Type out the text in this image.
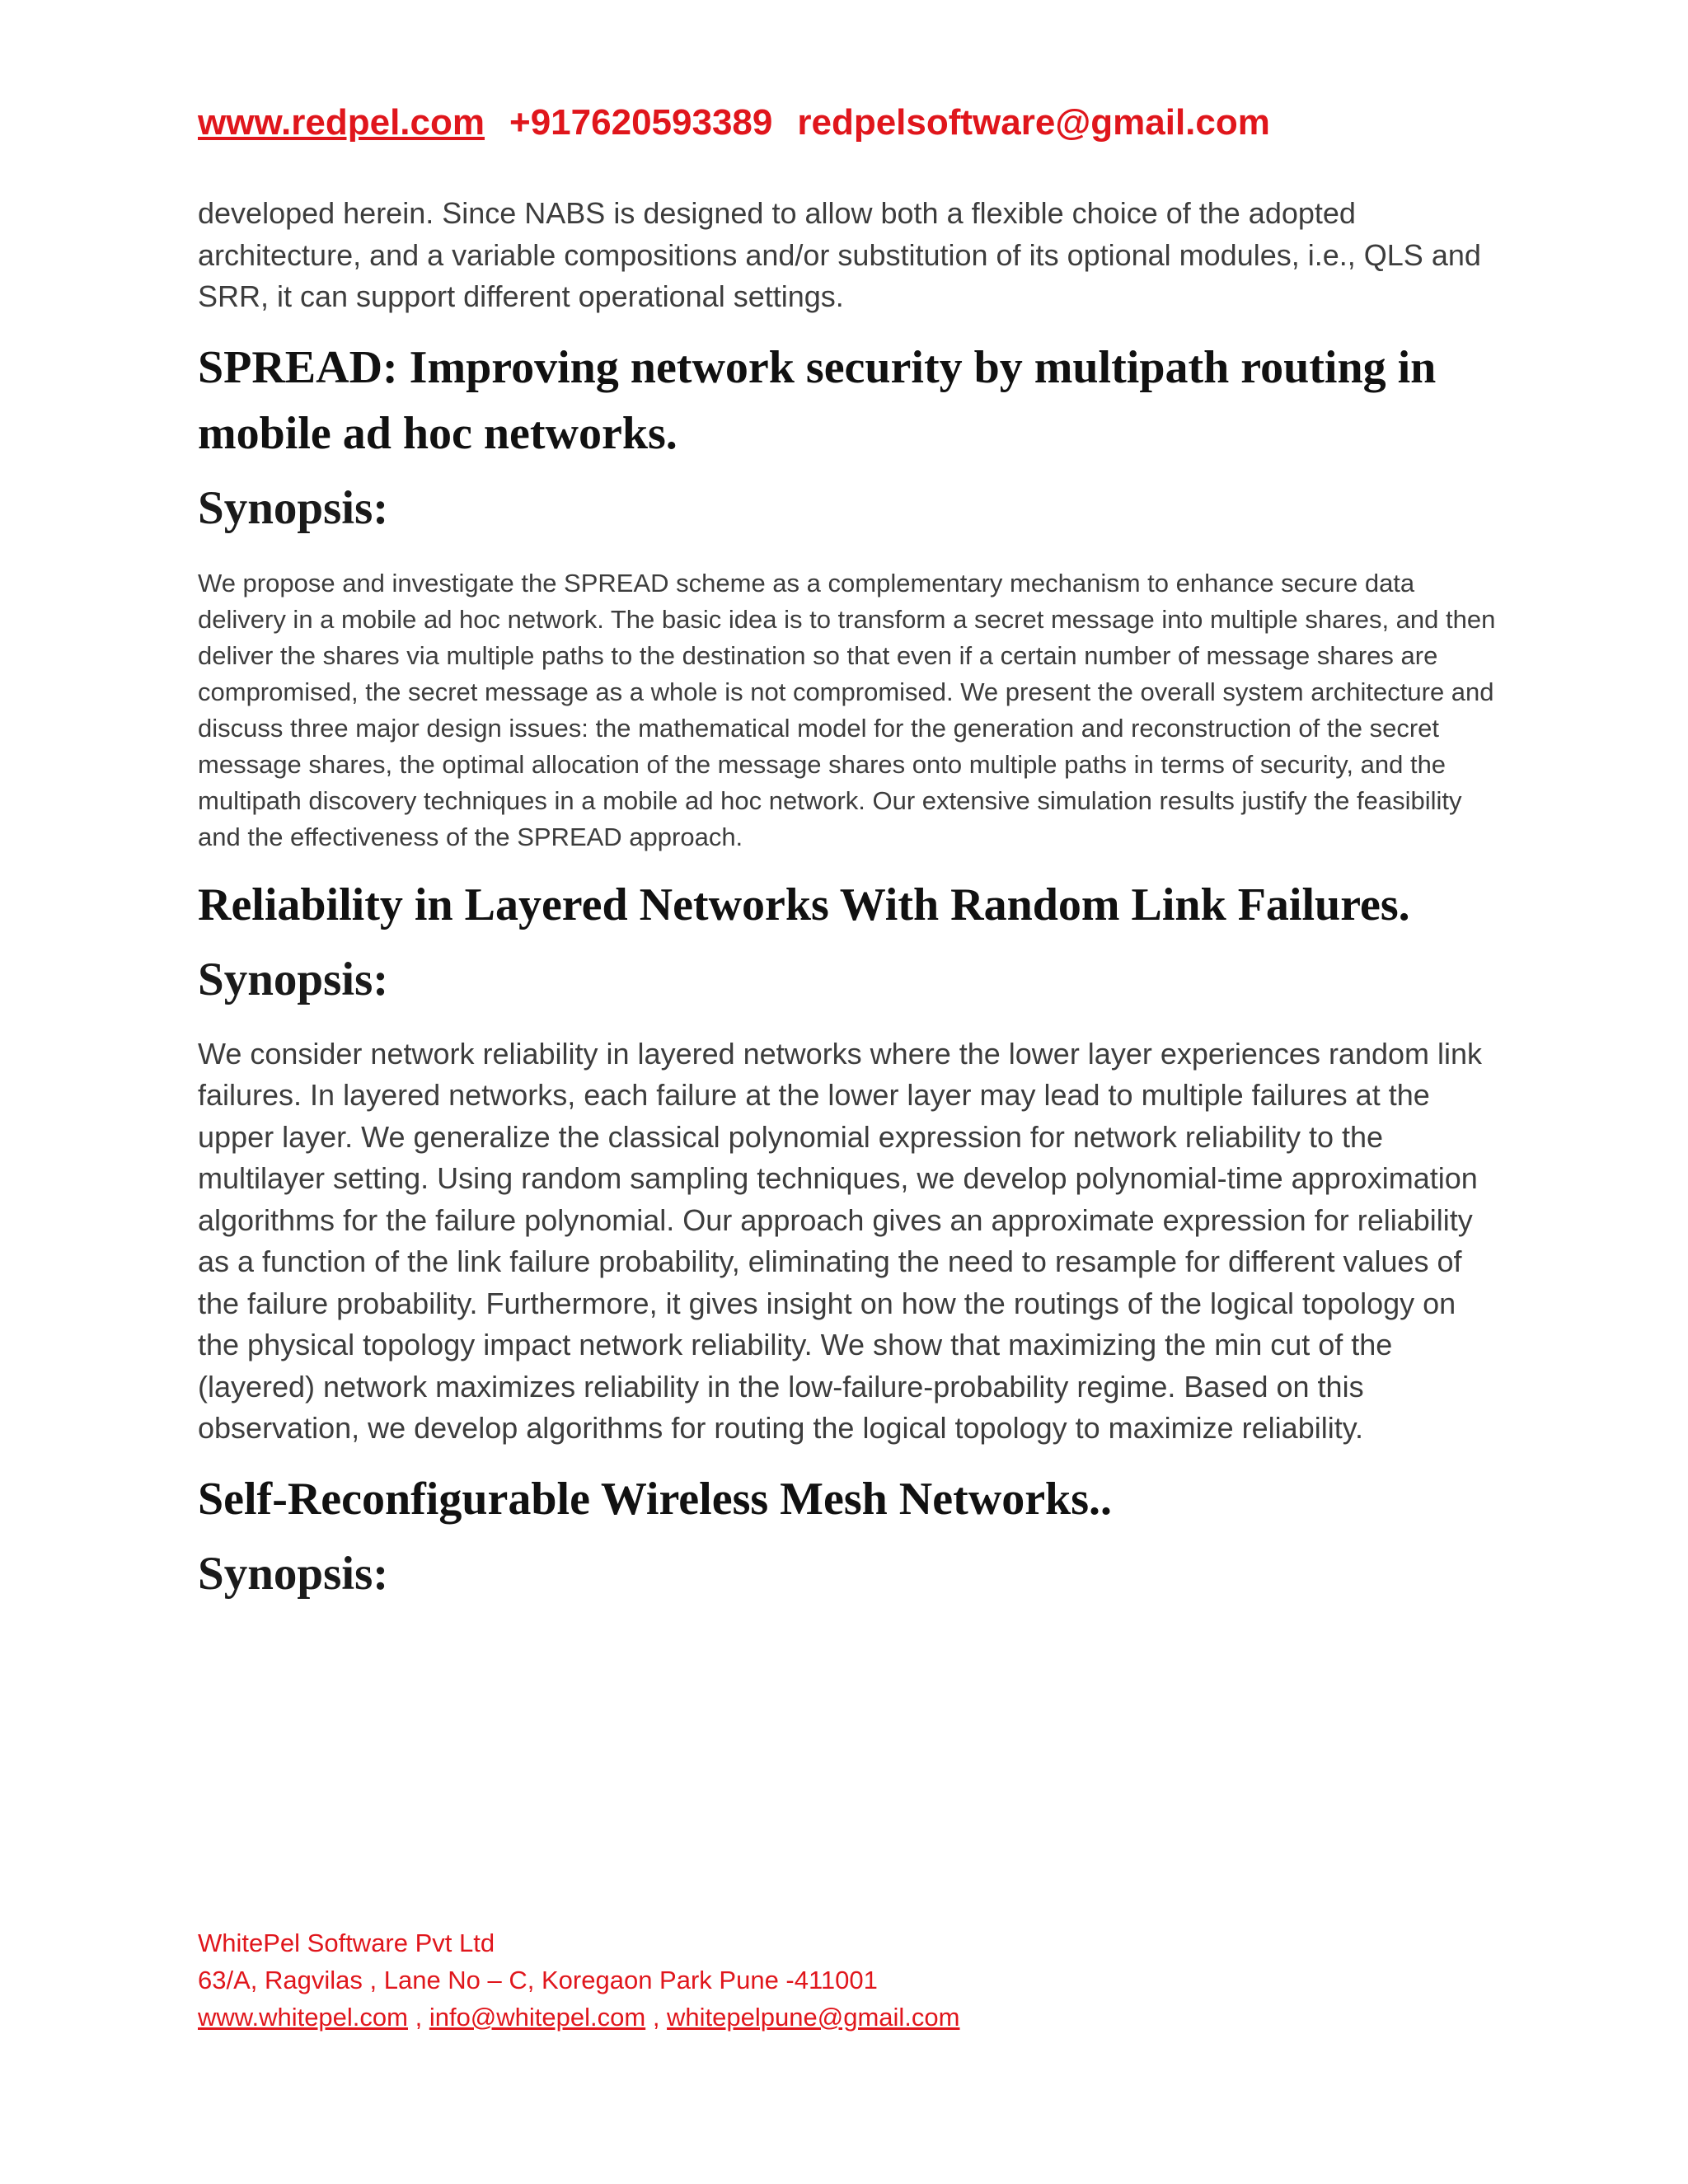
www.redpel.com +917620593389 redpelsoftware@gmail.com

developed herein. Since NABS is designed to allow both a flexible choice of the adopted architecture, and a variable compositions and/or substitution of its optional modules, i.e., QLS and SRR, it can support different operational settings.

SPREAD: Improving network security by multipath routing in mobile ad hoc networks.
Synopsis:

We propose and investigate the SPREAD scheme as a complementary mechanism to enhance secure data delivery in a mobile ad hoc network. The basic idea is to transform a secret message into multiple shares, and then deliver the shares via multiple paths to the destination so that even if a certain number of message shares are compromised, the secret message as a whole is not compromised. We present the overall system architecture and discuss three major design issues: the mathematical model for the generation and reconstruction of the secret message shares, the optimal allocation of the message shares onto multiple paths in terms of security, and the multipath discovery techniques in a mobile ad hoc network. Our extensive simulation results justify the feasibility and the effectiveness of the SPREAD approach.

Reliability in Layered Networks With Random Link Failures.
Synopsis:

We consider network reliability in layered networks where the lower layer experiences random link failures. In layered networks, each failure at the lower layer may lead to multiple failures at the upper layer. We generalize the classical polynomial expression for network reliability to the multilayer setting. Using random sampling techniques, we develop polynomial-time approximation algorithms for the failure polynomial. Our approach gives an approximate expression for reliability as a function of the link failure probability, eliminating the need to resample for different values of the failure probability. Furthermore, it gives insight on how the routings of the logical topology on the physical topology impact network reliability. We show that maximizing the min cut of the (layered) network maximizes reliability in the low-failure-probability regime. Based on this observation, we develop algorithms for routing the logical topology to maximize reliability.

Self-Reconfigurable Wireless Mesh Networks..
Synopsis:
WhitePel Software Pvt Ltd
63/A, Ragvilas , Lane No – C, Koregaon Park Pune -411001
www.whitepel.com , info@whitepel.com , whitepelpune@gmail.com
